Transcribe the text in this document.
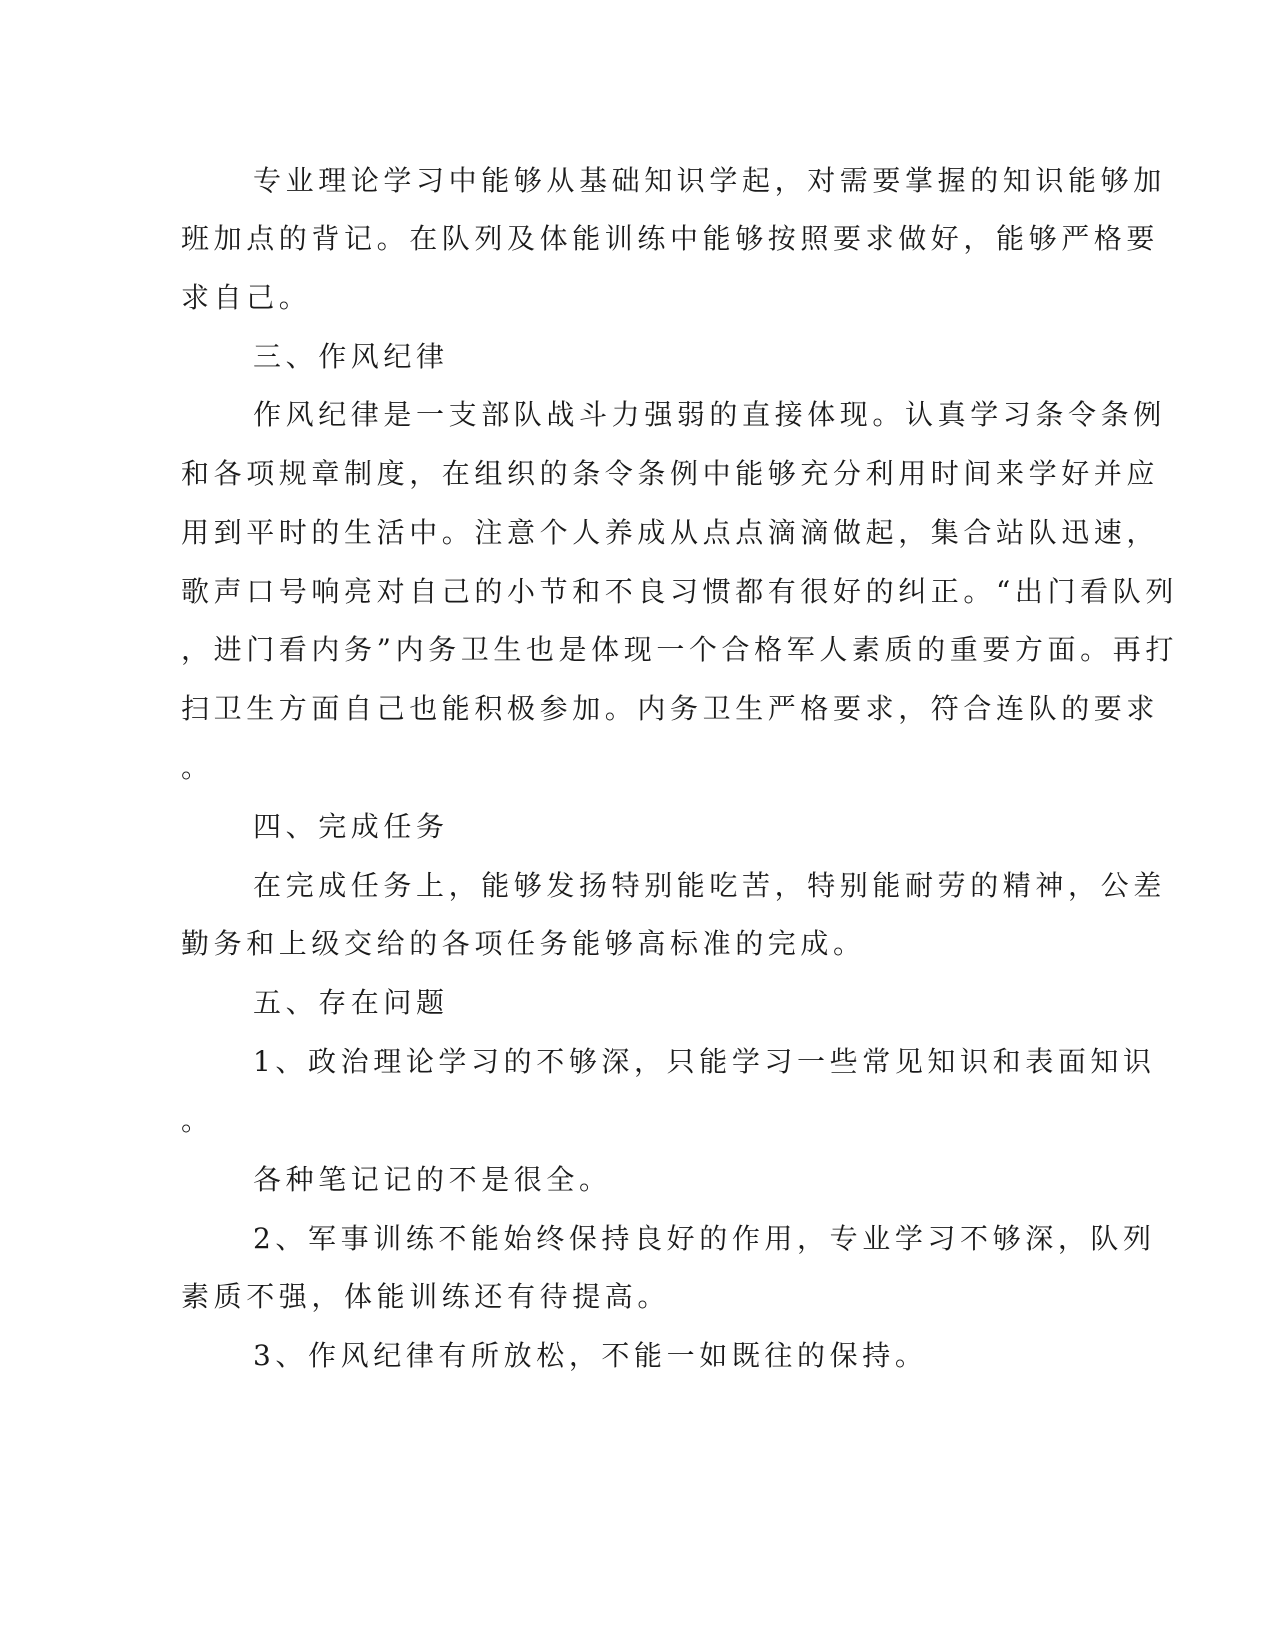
专业理论学习中能够从基础知识学起，对需要掌握的知识能够加
班加点的背记。在队列及体能训练中能够按照要求做好，能够严格要
求自己。
三、作风纪律
作风纪律是一支部队战斗力强弱的直接体现。认真学习条令条例
和各项规章制度，在组织的条令条例中能够充分利用时间来学好并应
用到平时的生活中。注意个人养成从点点滴滴做起，集合站队迅速，
歌声口号响亮对自己的小节和不良习惯都有很好的纠正。“出门看队列
，进门看内务”内务卫生也是体现一个合格军人素质的重要方面。再打
扫卫生方面自己也能积极参加。内务卫生严格要求，符合连队的要求
。
四、完成任务
在完成任务上，能够发扬特别能吃苦，特别能耐劳的精神，公差
勤务和上级交给的各项任务能够高标准的完成。
五、存在问题
1、政治理论学习的不够深，只能学习一些常见知识和表面知识
。
各种笔记记的不是很全。
2、军事训练不能始终保持良好的作用，专业学习不够深，队列
素质不强，体能训练还有待提高。
3、作风纪律有所放松，不能一如既往的保持。
